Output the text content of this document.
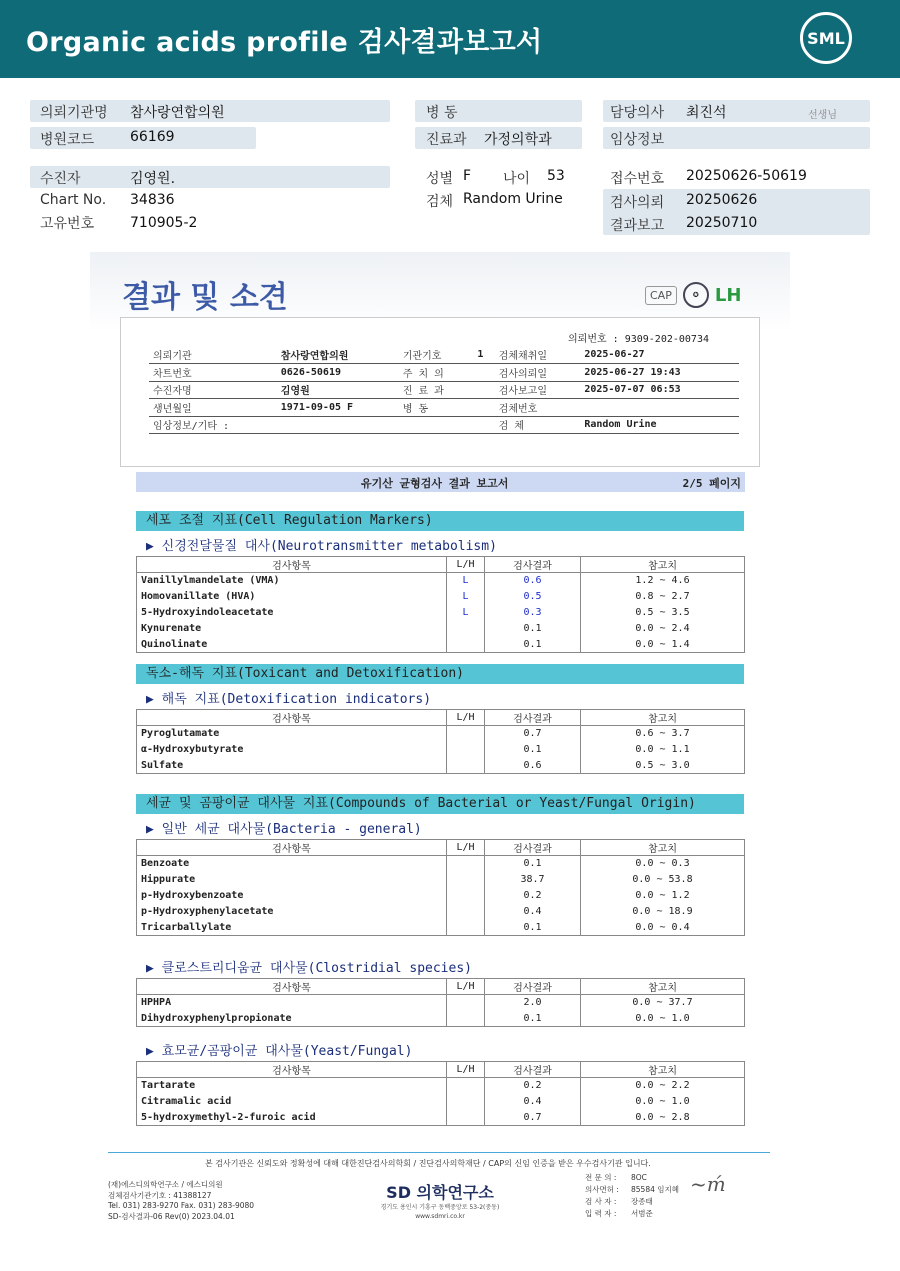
Organic acids profile 검사결과보고서	SML
의뢰기관명 참사랑연합의원
병원코드	66169
병 동
진료과 가정의학과
담당의사 최진석	선생님
임상정보
수진자	김영원.
Chart No. 34836
고유번호	710905-2
성별 F 나이 53
검체 Random Urine
접수번호 20250626-50619
검사의뢰 20250626
결과보고 20250710
결과 및 소견	CAP	✪ LH
의뢰번호 : 9309-202-00734
의뢰기관	참사랑연합의원	기관기호	1	검체채취일	2025-06-27
차트번호	0626-50619	주 치 의		검사의뢰일	2025-06-27 19:43
수진자명	김영원	진 료 과		검사보고일	2025-07-07 06:53
생년월일	1971-09-05 F	병 동		검체번호	
임상정보/기타 :				검 체	Random Urine
유기산 균형검사 결과 보고서	2/5 페이지
세포 조절 지표(Cell Regulation Markers)
▶ 신경전달물질 대사(Neurotransmitter metabolism)
검사항목	L/H	검사결과	참고치
Vanillylmandelate (VMA)	L	0.6	1.2 ~ 4.6
Homovanillate (HVA)	L	0.5	0.8 ~ 2.7
5-Hydroxyindoleacetate	L	0.3	0.5 ~ 3.5
Kynurenate		0.1	0.0 ~ 2.4
Quinolinate		0.1	0.0 ~ 1.4
독소-해독 지표(Toxicant and Detoxification)
▶ 해독 지표(Detoxification indicators)
검사항목	L/H	검사결과	참고치
Pyroglutamate		0.7	0.6 ~ 3.7
α-Hydroxybutyrate		0.1	0.0 ~ 1.1
Sulfate		0.6	0.5 ~ 3.0
세균 및 곰팡이균 대사물 지표(Compounds of Bacterial or Yeast/Fungal Origin)
▶ 일반 세균 대사물(Bacteria - general)
검사항목	L/H	검사결과	참고치
Benzoate		0.1	0.0 ~ 0.3
Hippurate		38.7	0.0 ~ 53.8
p-Hydroxybenzoate		0.2	0.0 ~ 1.2
p-Hydroxyphenylacetate		0.4	0.0 ~ 18.9
Tricarballylate		0.1	0.0 ~ 0.4
▶ 클로스트리디움균 대사물(Clostridial species)
검사항목	L/H	검사결과	참고치
HPHPA		2.0	0.0 ~ 37.7
Dihydroxyphenylpropionate		0.1	0.0 ~ 1.0
▶ 효모균/곰팡이균 대사물(Yeast/Fungal)
검사항목	L/H	검사결과	참고치
Tartarate		0.2	0.0 ~ 2.2
Citramalic acid		0.4	0.0 ~ 1.0
5-hydroxymethyl-2-furoic acid		0.7	0.0 ~ 2.8
본 검사기관은 신뢰도와 정확성에 대해 대한진단검사의학회 / 진단검사의학재단 / CAP의 신임 인증을 받은 우수검사기관 입니다.
(재)에스디의학연구소 / 에스디의원
검체검사기관기호 : 41388127
Tel. 031) 283-9270 Fax. 031) 283-9080
SD-검사결과-06 Rev(0) 2023.04.01
SD 의학연구소
경기도 용인시 기흥구 동백중앙로 53-2(중동)
www.sdmri.co.kr
전 문 의 :	8OC
의사면허 :	85584 임지혜
검 사 자 :	장종태
입 력 자 :	서범준
~ḿ
